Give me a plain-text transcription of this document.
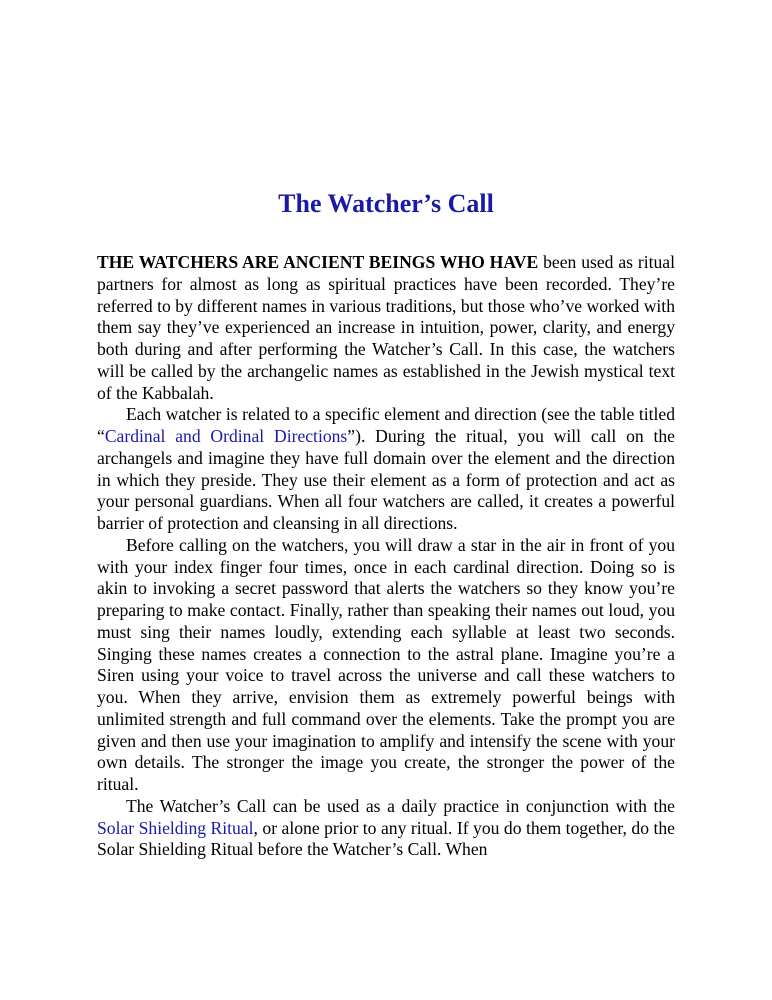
The Watcher’s Call

THE WATCHERS ARE ANCIENT BEINGS WHO HAVE been used as ritual partners for almost as long as spiritual practices have been recorded. They’re referred to by different names in various traditions, but those who’ve worked with them say they’ve experienced an increase in intuition, power, clarity, and energy both during and after performing the Watcher’s Call. In this case, the watchers will be called by the archangelic names as established in the Jewish mystical text of the Kabbalah.

Each watcher is related to a specific element and direction (see the table titled “Cardinal and Ordinal Directions”). During the ritual, you will call on the archangels and imagine they have full domain over the element and the direction in which they preside. They use their element as a form of protection and act as your personal guardians. When all four watchers are called, it creates a powerful barrier of protection and cleansing in all directions.

Before calling on the watchers, you will draw a star in the air in front of you with your index finger four times, once in each cardinal direction. Doing so is akin to invoking a secret password that alerts the watchers so they know you’re preparing to make contact. Finally, rather than speaking their names out loud, you must sing their names loudly, extending each syllable at least two seconds. Singing these names creates a connection to the astral plane. Imagine you’re a Siren using your voice to travel across the universe and call these watchers to you. When they arrive, envision them as extremely powerful beings with unlimited strength and full command over the elements. Take the prompt you are given and then use your imagination to amplify and intensify the scene with your own details. The stronger the image you create, the stronger the power of the ritual.

The Watcher’s Call can be used as a daily practice in conjunction with the Solar Shielding Ritual, or alone prior to any ritual. If you do them together, do the Solar Shielding Ritual before the Watcher’s Call. When
